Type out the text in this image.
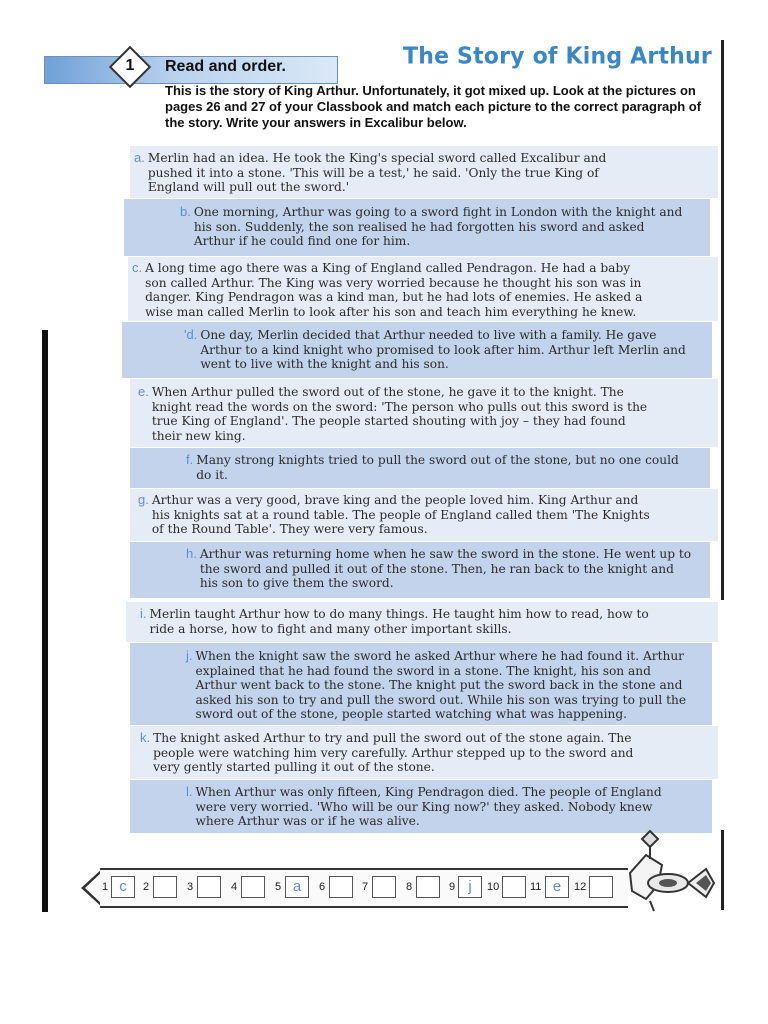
1	Read and order.	The Story of King Arthur
This is the story of King Arthur. Unfortunately, it got mixed up. Look at the pictures on pages 26 and 27 of your Classbook and match each picture to the correct paragraph of the story. Write your answers in Excalibur below.
a. Merlin had an idea. He took the King's special sword called Excalibur and pushed it into a stone. 'This will be a test,' he said. 'Only the true King of England will pull out the sword.'
b. One morning, Arthur was going to a sword fight in London with the knight and his son. Suddenly, the son realised he had forgotten his sword and asked Arthur if he could find one for him.
c. A long time ago there was a King of England called Pendragon. He had a baby son called Arthur. The King was very worried because he thought his son was in danger. King Pendragon was a kind man, but he had lots of enemies. He asked a wise man called Merlin to look after his son and teach him everything he knew.
'd. One day, Merlin decided that Arthur needed to live with a family. He gave Arthur to a kind knight who promised to look after him. Arthur left Merlin and went to live with the knight and his son.
e. When Arthur pulled the sword out of the stone, he gave it to the knight. The knight read the words on the sword: 'The person who pulls out this sword is the true King of England'. The people started shouting with joy – they had found their new king.
f. Many strong knights tried to pull the sword out of the stone, but no one could do it.
g. Arthur was a very good, brave king and the people loved him. King Arthur and his knights sat at a round table. The people of England called them 'The Knights of the Round Table'. They were very famous.
h. Arthur was returning home when he saw the sword in the stone. He went up to the sword and pulled it out of the stone. Then, he ran back to the knight and his son to give them the sword.
i. Merlin taught Arthur how to do many things. He taught him how to read, how to ride a horse, how to fight and many other important skills.
j. When the knight saw the sword he asked Arthur where he had found it. Arthur explained that he had found the sword in a stone. The knight, his son and Arthur went back to the stone. The knight put the sword back in the stone and asked his son to try and pull the sword out. While his son was trying to pull the sword out of the stone, people started watching what was happening.
k. The knight asked Arthur to try and pull the sword out of the stone again. The people were watching him very carefully. Arthur stepped up to the sword and very gently started pulling it out of the stone.
l. When Arthur was only fifteen, King Pendragon died. The people of England were very worried. 'Who will be our King now?' they asked. Nobody knew where Arthur was or if he was alive.
1 c	2	3	4	5 a	6	7	8	9 j	10	11 e	12
